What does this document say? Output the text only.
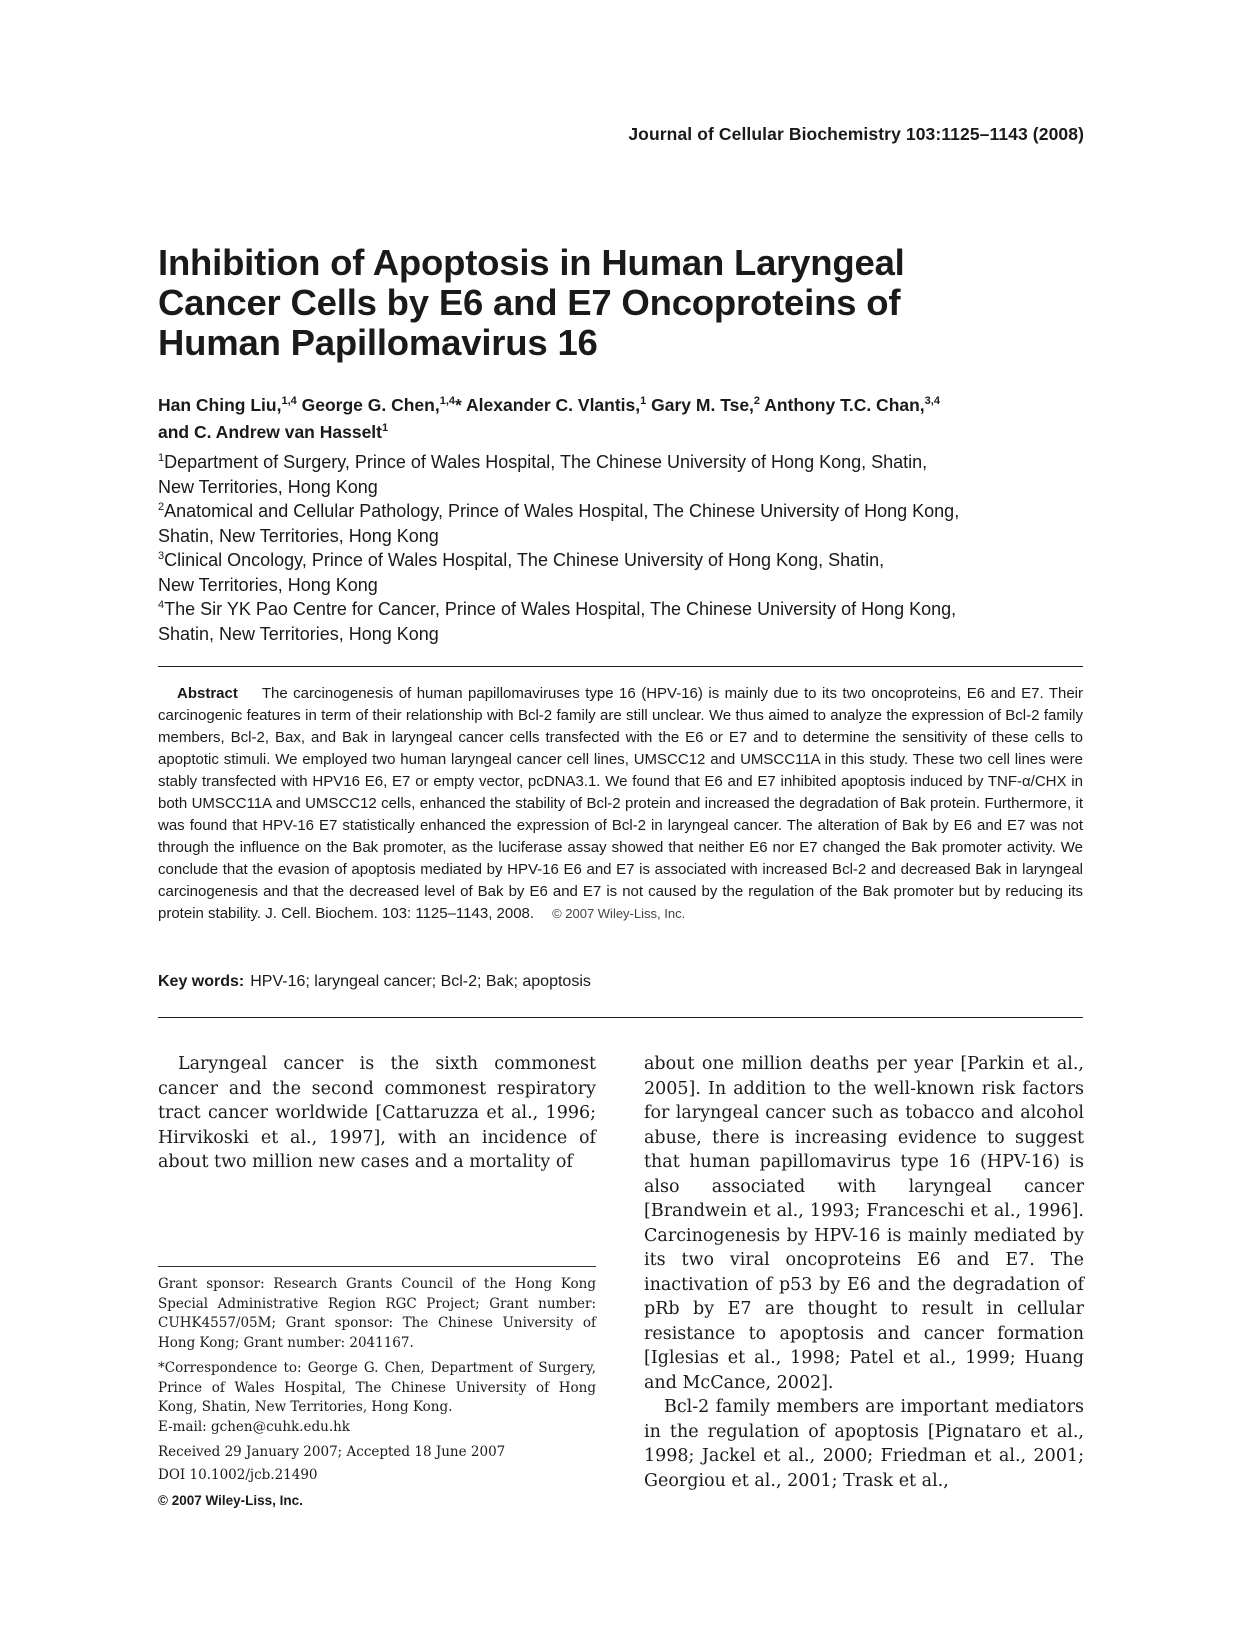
Journal of Cellular Biochemistry 103:1125–1143 (2008)
Inhibition of Apoptosis in Human Laryngeal
Cancer Cells by E6 and E7 Oncoproteins of
Human Papillomavirus 16
Han Ching Liu,$^{1,4}$ George G. Chen,$^{1,4}$* Alexander C. Vlantis,$^1$ Gary M. Tse,$^2$ Anthony T.C. Chan,$^{3,4}$
and C. Andrew van Hasselt$^1$
$^1$Department of Surgery, Prince of Wales Hospital, The Chinese University of Hong Kong, Shatin,
New Territories, Hong Kong
$^2$Anatomical and Cellular Pathology, Prince of Wales Hospital, The Chinese University of Hong Kong,
Shatin, New Territories, Hong Kong
$^3$Clinical Oncology, Prince of Wales Hospital, The Chinese University of Hong Kong, Shatin,
New Territories, Hong Kong
$^4$The Sir YK Pao Centre for Cancer, Prince of Wales Hospital, The Chinese University of Hong Kong,
Shatin, New Territories, Hong Kong
Abstract The carcinogenesis of human papillomaviruses type 16 (HPV-16) is mainly due to its two oncoproteins, E6 and E7. Their carcinogenic features in term of their relationship with Bcl-2 family are still unclear. We thus aimed to analyze the expression of Bcl-2 family members, Bcl-2, Bax, and Bak in laryngeal cancer cells transfected with the E6 or E7 and to determine the sensitivity of these cells to apoptotic stimuli. We employed two human laryngeal cancer cell lines, UMSCC12 and UMSCC11A in this study. These two cell lines were stably transfected with HPV16 E6, E7 or empty vector, pcDNA3.1. We found that E6 and E7 inhibited apoptosis induced by TNF-α/CHX in both UMSCC11A and UMSCC12 cells, enhanced the stability of Bcl-2 protein and increased the degradation of Bak protein. Furthermore, it was found that HPV-16 E7 statistically enhanced the expression of Bcl-2 in laryngeal cancer. The alteration of Bak by E6 and E7 was not through the influence on the Bak promoter, as the luciferase assay showed that neither E6 nor E7 changed the Bak promoter activity. We conclude that the evasion of apoptosis mediated by HPV-16 E6 and E7 is associated with increased Bcl-2 and decreased Bak in laryngeal carcinogenesis and that the decreased level of Bak by E6 and E7 is not caused by the regulation of the Bak promoter but by reducing its protein stability. J. Cell. Biochem. 103: 1125–1143, 2008. © 2007 Wiley-Liss, Inc.
Key words: HPV-16; laryngeal cancer; Bcl-2; Bak; apoptosis

Laryngeal cancer is the sixth commonest cancer and the second commonest respiratory tract cancer worldwide [Cattaruzza et al., 1996; Hirvikoski et al., 1997], with an incidence of about two million new cases and a mortality of

about one million deaths per year [Parkin et al., 2005]. In addition to the well-known risk factors for laryngeal cancer such as tobacco and alcohol abuse, there is increasing evidence to suggest that human papillomavirus type 16 (HPV-16) is also associated with laryngeal cancer [Brandwein et al., 1993; Franceschi et al., 1996]. Carcinogenesis by HPV-16 is mainly mediated by its two viral oncoproteins E6 and E7. The inactivation of p53 by E6 and the degradation of pRb by E7 are thought to result in cellular resistance to apoptosis and cancer formation [Iglesias et al., 1998; Patel et al., 1999; Huang and McCance, 2002].

Bcl-2 family members are important mediators in the regulation of apoptosis [Pignataro et al., 1998; Jackel et al., 2000; Friedman et al., 2001; Georgiou et al., 2001; Trask et al.,

Grant sponsor: Research Grants Council of the Hong Kong Special Administrative Region RGC Project; Grant number: CUHK4557/05M; Grant sponsor: The Chinese University of Hong Kong; Grant number: 2041167.

*Correspondence to: George G. Chen, Department of Surgery, Prince of Wales Hospital, The Chinese University of Hong Kong, Shatin, New Territories, Hong Kong.
E-mail: gchen@cuhk.edu.hk

Received 29 January 2007; Accepted 18 June 2007

DOI 10.1002/jcb.21490

© 2007 Wiley-Liss, Inc.
